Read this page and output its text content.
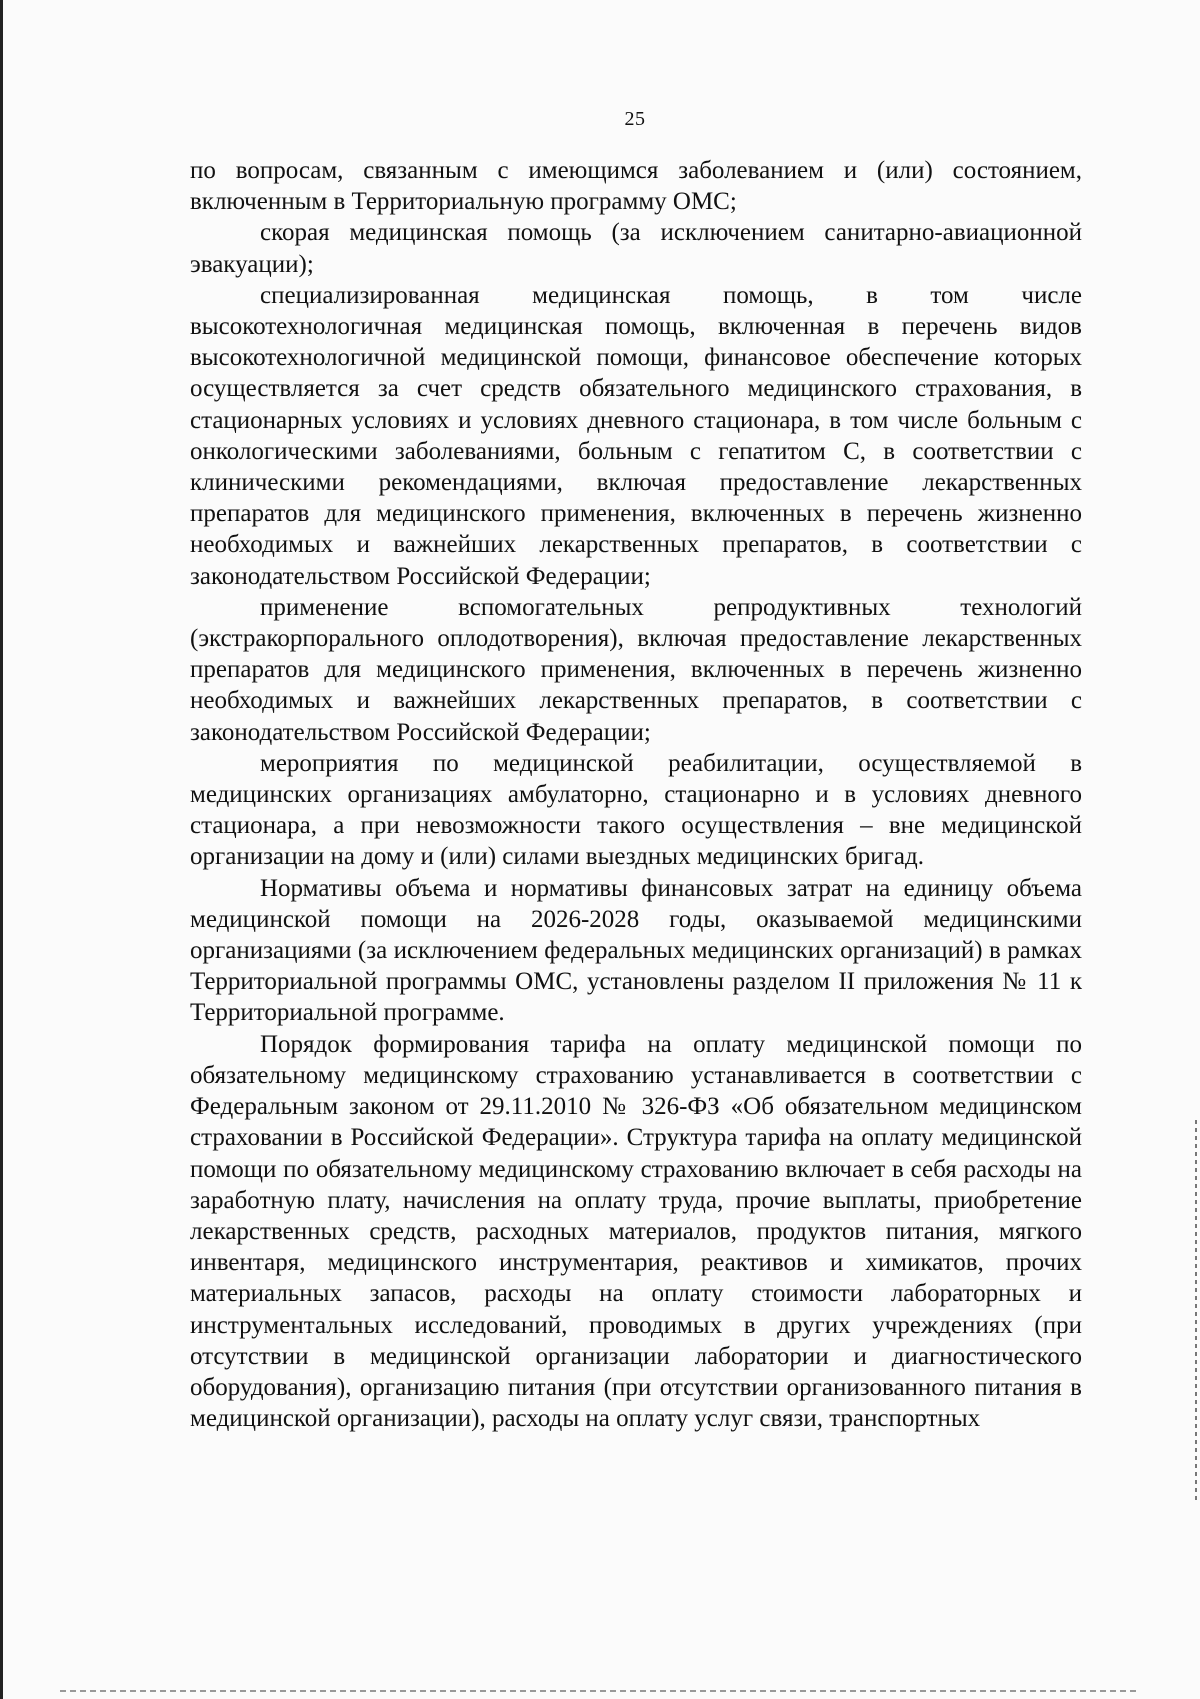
25

по вопросам, связанным с имеющимся заболеванием и (или) состоянием, включенным в Территориальную программу ОМС;

скорая медицинская помощь (за исключением санитарно-авиационной эвакуации);

специализированная медицинская помощь, в том числе высокотехнологичная медицинская помощь, включенная в перечень видов высокотехнологичной медицинской помощи, финансовое обеспечение которых осуществляется за счет средств обязательного медицинского страхования, в стационарных условиях и условиях дневного стационара, в том числе больным с онкологическими заболеваниями, больным с гепатитом С, в соответствии с клиническими рекомендациями, включая предоставление лекарственных препаратов для медицинского применения, включенных в перечень жизненно необходимых и важнейших лекарственных препаратов, в соответствии с законодательством Российской Федерации;

применение вспомогательных репродуктивных технологий (экстракорпорального оплодотворения), включая предоставление лекарственных препаратов для медицинского применения, включенных в перечень жизненно необходимых и важнейших лекарственных препаратов, в соответствии с законодательством Российской Федерации;

мероприятия по медицинской реабилитации, осуществляемой в медицинских организациях амбулаторно, стационарно и в условиях дневного стационара, а при невозможности такого осуществления – вне медицинской организации на дому и (или) силами выездных медицинских бригад.

Нормативы объема и нормативы финансовых затрат на единицу объема медицинской помощи на 2026-2028 годы, оказываемой медицинскими организациями (за исключением федеральных медицинских организаций) в рамках Территориальной программы ОМС, установлены разделом II приложения № 11 к Территориальной программе.

Порядок формирования тарифа на оплату медицинской помощи по обязательному медицинскому страхованию устанавливается в соответствии с Федеральным законом от 29.11.2010 № 326-ФЗ «Об обязательном медицинском страховании в Российской Федерации». Структура тарифа на оплату медицинской помощи по обязательному медицинскому страхованию включает в себя расходы на заработную плату, начисления на оплату труда, прочие выплаты, приобретение лекарственных средств, расходных материалов, продуктов питания, мягкого инвентаря, медицинского инструментария, реактивов и химикатов, прочих материальных запасов, расходы на оплату стоимости лабораторных и инструментальных исследований, проводимых в других учреждениях (при отсутствии в медицинской организации лаборатории и диагностического оборудования), организацию питания (при отсутствии организованного питания в медицинской организации), расходы на оплату услуг связи, транспортных
